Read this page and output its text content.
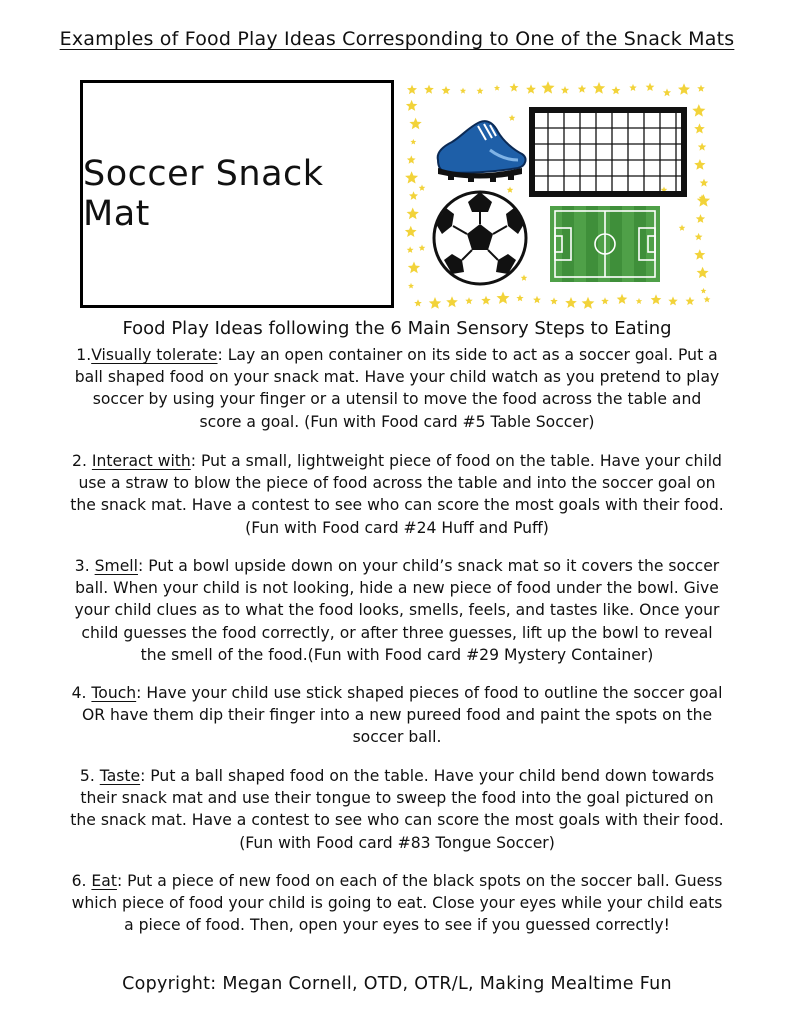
Examples of Food Play Ideas Corresponding to One of the Snack Mats
Soccer Snack Mat
Food Play Ideas following the 6 Main Sensory Steps to Eating
1.Visually tolerate: Lay an open container on its side to act as a soccer goal. Put a ball shaped food on your snack mat. Have your child watch as you pretend to play soccer by using your finger or a utensil to move the food across the table and score a goal. (Fun with Food card #5 Table Soccer)
2. Interact with: Put a small, lightweight piece of food on the table. Have your child use a straw to blow the piece of food across the table and into the soccer goal on the snack mat. Have a contest to see who can score the most goals with their food. (Fun with Food card #24 Huff and Puff)
3. Smell: Put a bowl upside down on your child’s snack mat so it covers the soccer ball. When your child is not looking, hide a new piece of food under the bowl. Give your child clues as to what the food looks, smells, feels, and tastes like. Once your child guesses the food correctly, or after three guesses, lift up the bowl to reveal the smell of the food.(Fun with Food card #29 Mystery Container)
4. Touch: Have your child use stick shaped pieces of food to outline the soccer goal OR have them dip their finger into a new pureed food and paint the spots on the soccer ball.
5. Taste: Put a ball shaped food on the table. Have your child bend down towards their snack mat and use their tongue to sweep the food into the goal pictured on the snack mat. Have a contest to see who can score the most goals with their food. (Fun with Food card #83 Tongue Soccer)
6. Eat: Put a piece of new food on each of the black spots on the soccer ball. Guess which piece of food your child is going to eat. Close your eyes while your child eats a piece of food. Then, open your eyes to see if you guessed correctly!
Copyright: Megan Cornell, OTD, OTR/L, Making Mealtime Fun
